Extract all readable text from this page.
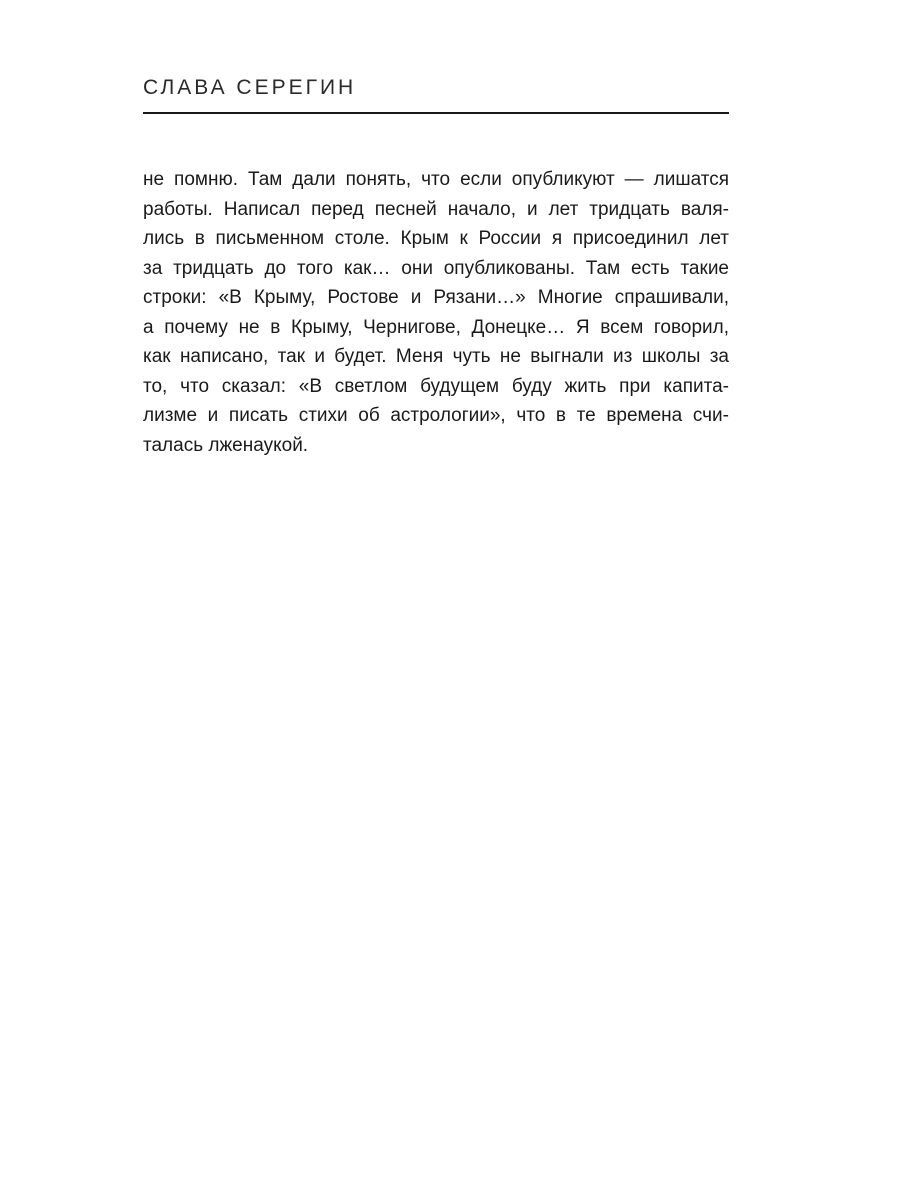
СЛАВА СЕРЕГИН
не помню. Там дали понять, что если опубликуют — лишатся
работы. Написал перед песней начало, и лет тридцать валя-
лись в письменном столе. Крым к России я присоединил лет
за тридцать до того как… они опубликованы. Там есть такие
строки: «В Крыму, Ростове и Рязани…» Многие спрашивали,
а почему не в Крыму, Чернигове, Донецке… Я всем говорил,
как написано, так и будет. Меня чуть не выгнали из школы за
то, что сказал: «В светлом будущем буду жить при капита-
лизме и писать стихи об астрологии», что в те времена счи-
талась лженаукой.
